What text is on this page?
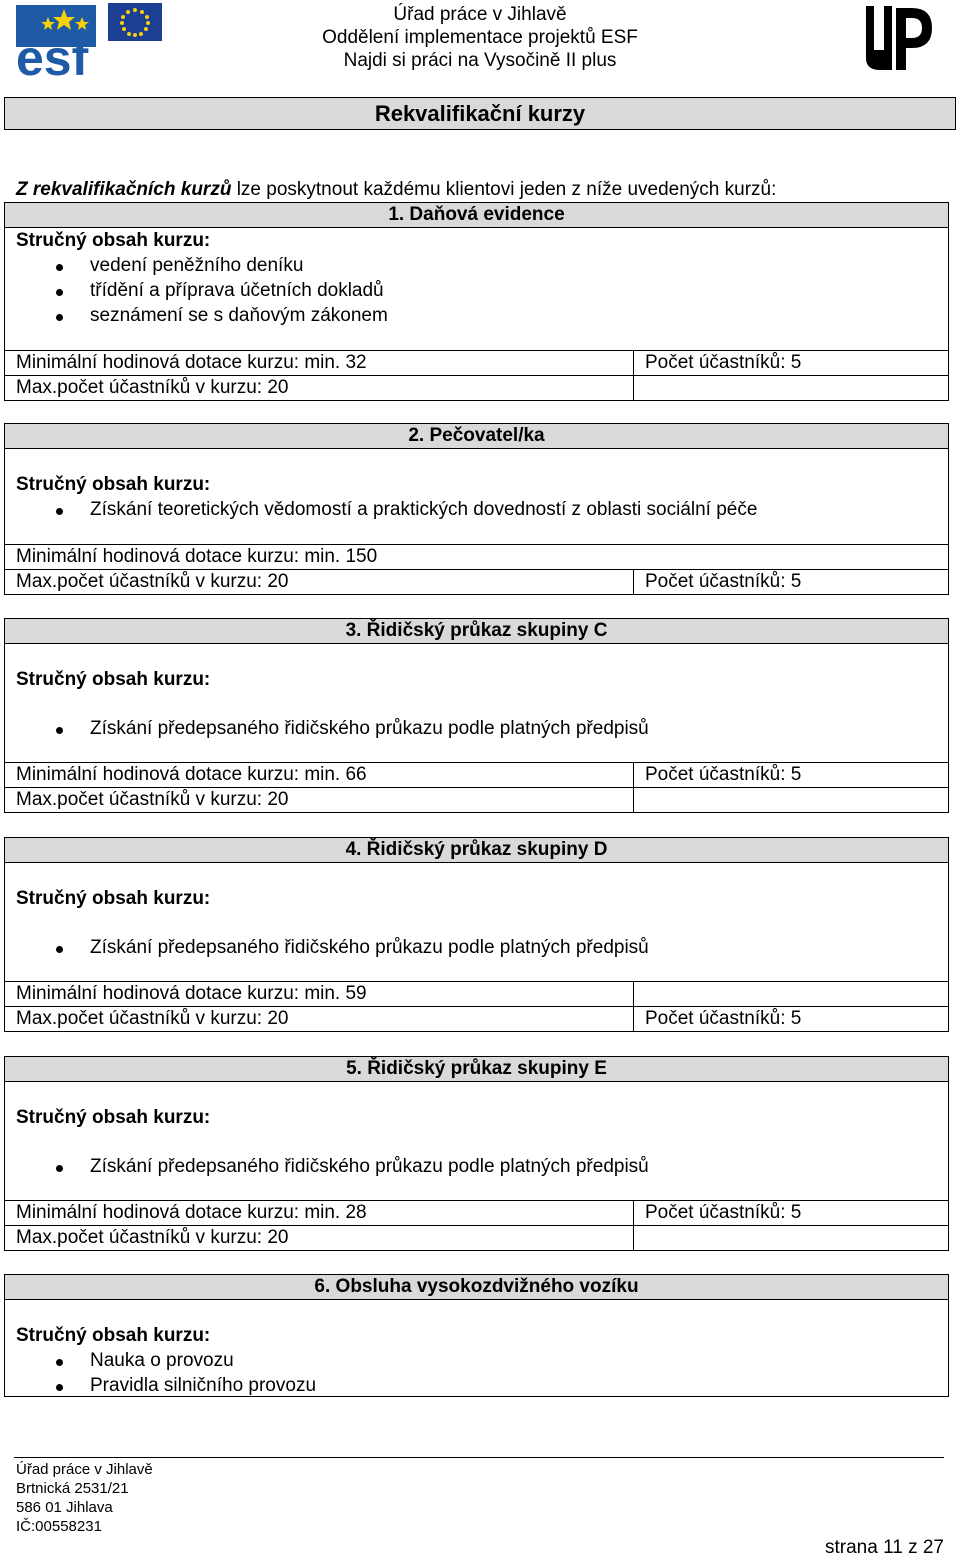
esf
Úřad práce v Jihlavě
Oddělení implementace projektů ESF
Najdi si práci na Vysočině II plus
Rekvalifikační kurzy
Z rekvalifikačních kurzů lze poskytnout každému klientovi jeden z níže uvedených kurzů:
1. Daňová evidence
Stručný obsah kurzu:
vedení peněžního deníku
třídění a příprava účetních dokladů
seznámení se s daňovým zákonem
Minimální hodinová dotace kurzu: min. 32	Počet účastníků: 5
Max.počet účastníků v kurzu: 20
2. Pečovatel/ka
Stručný obsah kurzu:
Získání teoretických vědomostí a praktických dovedností z oblasti sociální péče
Minimální hodinová dotace kurzu: min. 150
Max.počet účastníků v kurzu: 20	Počet účastníků: 5
3. Řidičský průkaz skupiny C
Stručný obsah kurzu:
Získání předepsaného řidičského průkazu podle platných předpisů
Minimální hodinová dotace kurzu: min. 66	Počet účastníků: 5
Max.počet účastníků v kurzu: 20
4. Řidičský průkaz skupiny D
Stručný obsah kurzu:
Získání předepsaného řidičského průkazu podle platných předpisů
Minimální hodinová dotace kurzu: min. 59
Max.počet účastníků v kurzu: 20	Počet účastníků: 5
5. Řidičský průkaz skupiny E
Stručný obsah kurzu:
Získání předepsaného řidičského průkazu podle platných předpisů
Minimální hodinová dotace kurzu: min. 28	Počet účastníků: 5
Max.počet účastníků v kurzu: 20
6. Obsluha vysokozdvižného vozíku
Stručný obsah kurzu:
Nauka o provozu
Pravidla silničního provozu
Úřad práce v Jihlavě
Brtnická 2531/21
586 01 Jihlava
IČ:00558231
strana 11 z 27
